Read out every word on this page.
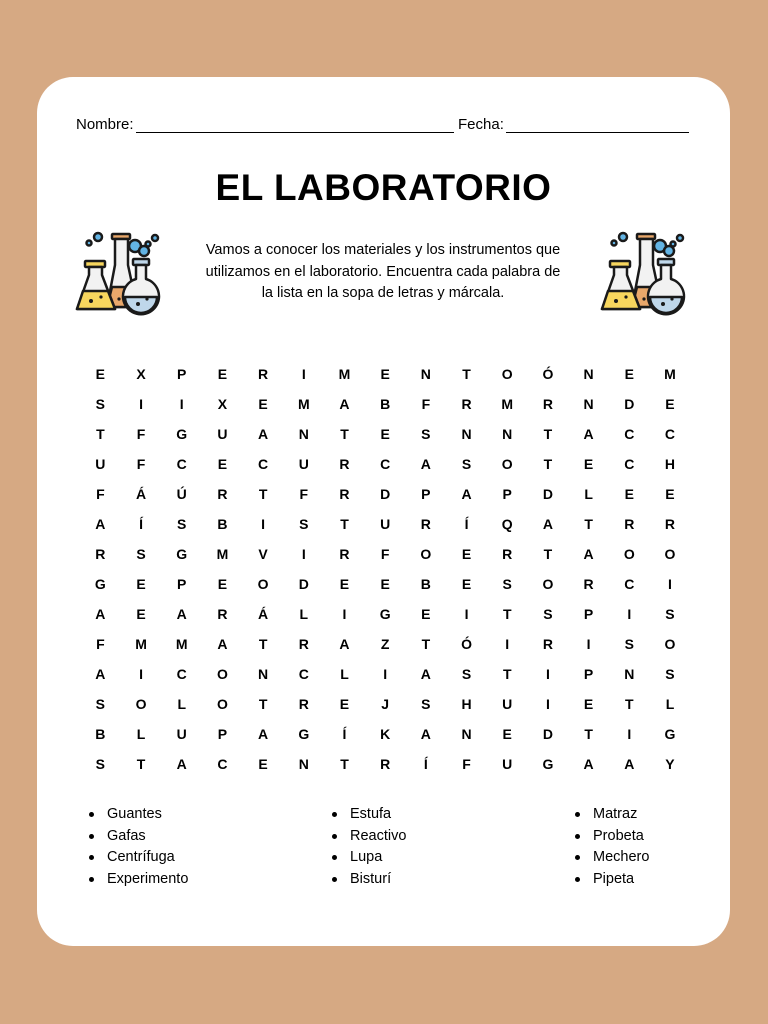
Nombre:	Fecha:
EL LABORATORIO
Vamos a conocer los materiales y los instrumentos que utilizamos en el laboratorio. Encuentra cada palabra de la lista en la sopa de letras y márcala.
E	X	P	E	R	I	M	E	N	T	O	Ó	N	E	M
S	I	I	X	E	M	A	B	F	R	M	R	N	D	E
T	F	G	U	A	N	T	E	S	N	N	T	A	C	C
U	F	C	E	C	U	R	C	A	S	O	T	E	C	H
F	Á	Ú	R	T	F	R	D	P	A	P	D	L	E	E
A	Í	S	B	I	S	T	U	R	Í	Q	A	T	R	R
R	S	G	M	V	I	R	F	O	E	R	T	A	O	O
G	E	P	E	O	D	E	E	B	E	S	O	R	C	I
A	E	A	R	Á	L	I	G	E	I	T	S	P	I	S
F	M	M	A	T	R	A	Z	T	Ó	I	R	I	S	O
A	I	C	O	N	C	L	I	A	S	T	I	P	N	S
S	O	L	O	T	R	E	J	S	H	U	I	E	T	L
B	L	U	P	A	G	Í	K	A	N	E	D	T	I	G
S	T	A	C	E	N	T	R	Í	F	U	G	A	A	Y
Guantes
Gafas
Centrífuga
Experimento
Estufa
Reactivo
Lupa
Bisturí
Matraz
Probeta
Mechero
Pipeta
